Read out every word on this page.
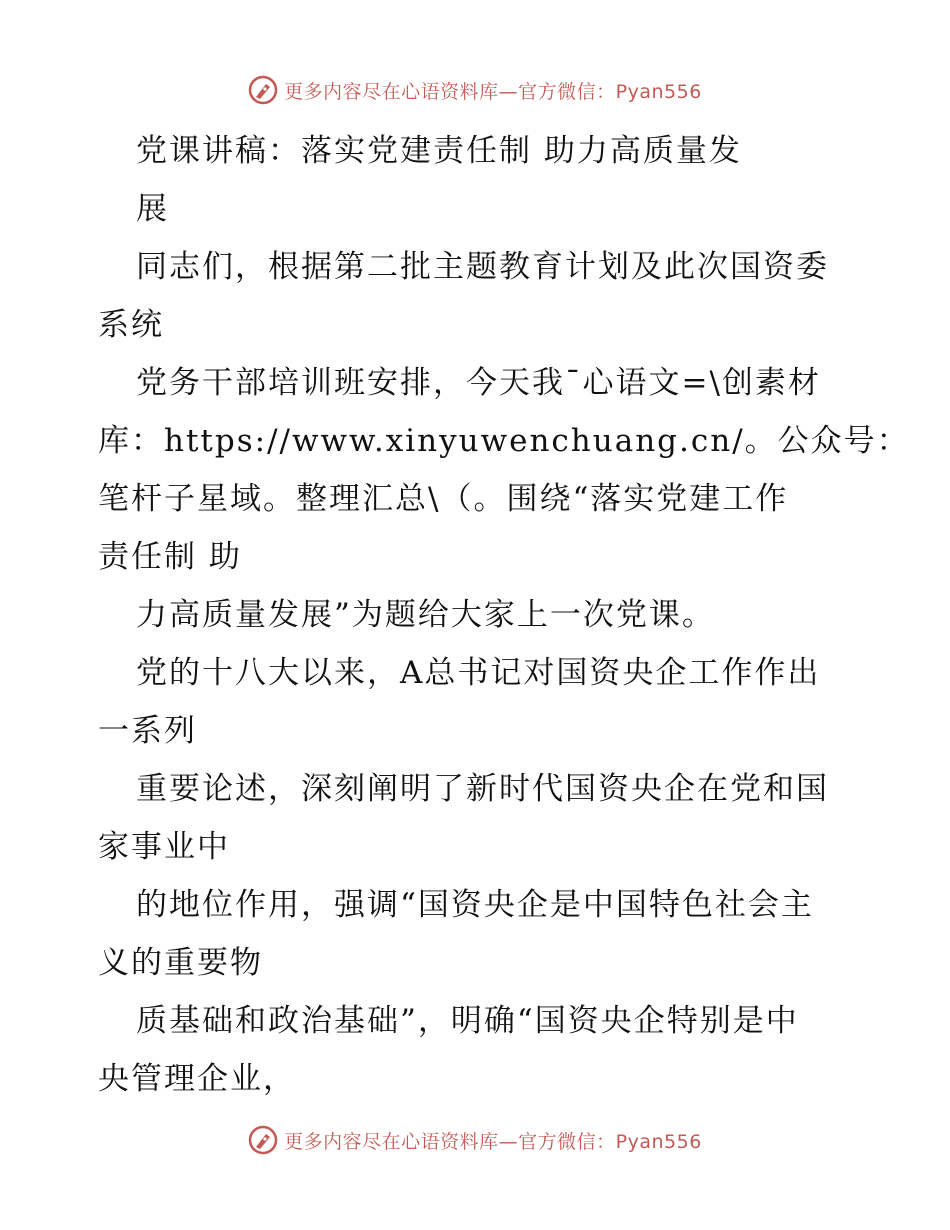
更多内容尽在心语资料库—官方微信：Pyan556
党课讲稿：落实党建责任制 助力高质量发
展
同志们，根据第二批主题教育计划及此次国资委
系统
党务干部培训班安排，今天我¯心语文=\创素材
库：https://www.xinyuwenchuang.cn/。公众号：
笔杆子星域。整理汇总\（。围绕“落实党建工作
责任制 助
力高质量发展”为题给大家上一次党课。
党的十八大以来，A总书记对国资央企工作作出
一系列
重要论述，深刻阐明了新时代国资央企在党和国
家事业中
的地位作用，强调“国资央企是中国特色社会主
义的重要物
质基础和政治基础”，明确“国资央企特别是中
央管理企业，
更多内容尽在心语资料库—官方微信：Pyan556
